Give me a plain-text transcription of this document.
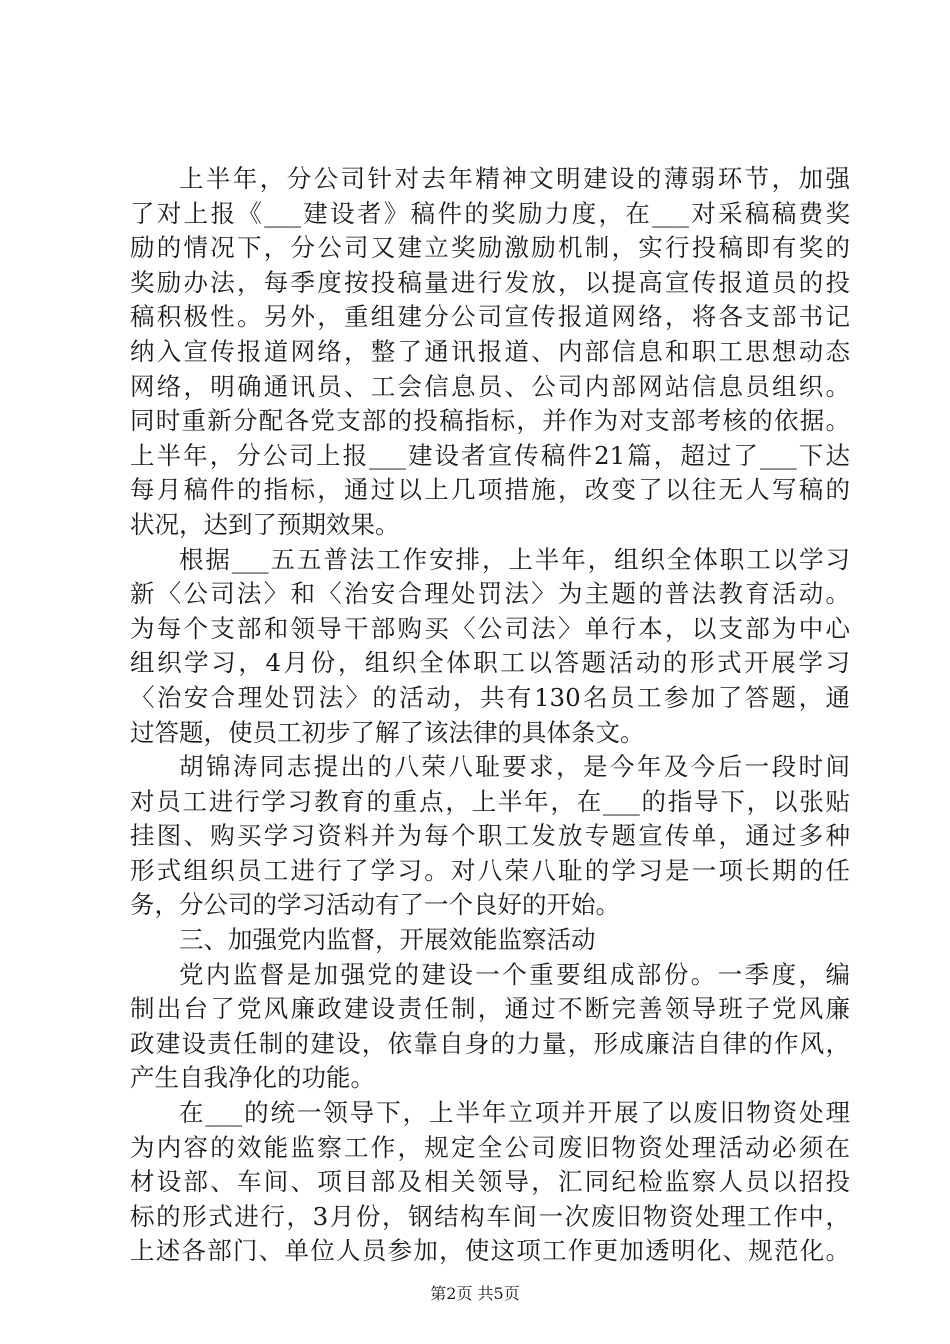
上半年，分公司针对去年精神文明建设的薄弱环节，加强
了对上报《___建设者》稿件的奖励力度，在___对采稿稿费奖
励的情况下，分公司又建立奖励激励机制，实行投稿即有奖的
奖励办法，每季度按投稿量进行发放，以提高宣传报道员的投
稿积极性。另外，重组建分公司宣传报道网络，将各支部书记
纳入宣传报道网络，整了通讯报道、内部信息和职工思想动态
网络，明确通讯员、工会信息员、公司内部网站信息员组织。
同时重新分配各党支部的投稿指标，并作为对支部考核的依据。
上半年，分公司上报___建设者宣传稿件21篇，超过了___下达
每月稿件的指标，通过以上几项措施，改变了以往无人写稿的
状况，达到了预期效果。
根据___五五普法工作安排，上半年，组织全体职工以学习
新〈公司法〉和〈治安合理处罚法〉为主题的普法教育活动。
为每个支部和领导干部购买〈公司法〉单行本，以支部为中心
组织学习，4月份，组织全体职工以答题活动的形式开展学习
〈治安合理处罚法〉的活动，共有130名员工参加了答题，通
过答题，使员工初步了解了该法律的具体条文。
胡锦涛同志提出的八荣八耻要求，是今年及今后一段时间
对员工进行学习教育的重点，上半年，在___的指导下，以张贴
挂图、购买学习资料并为每个职工发放专题宣传单，通过多种
形式组织员工进行了学习。对八荣八耻的学习是一项长期的任
务，分公司的学习活动有了一个良好的开始。
三、加强党内监督，开展效能监察活动
党内监督是加强党的建设一个重要组成部份。一季度，编
制出台了党风廉政建设责任制，通过不断完善领导班子党风廉
政建设责任制的建设，依靠自身的力量，形成廉洁自律的作风，
产生自我净化的功能。
在___的统一领导下，上半年立项并开展了以废旧物资处理
为内容的效能监察工作，规定全公司废旧物资处理活动必须在
材设部、车间、项目部及相关领导，汇同纪检监察人员以招投
标的形式进行，3月份，钢结构车间一次废旧物资处理工作中，
上述各部门、单位人员参加，使这项工作更加透明化、规范化。
第2页 共5页
